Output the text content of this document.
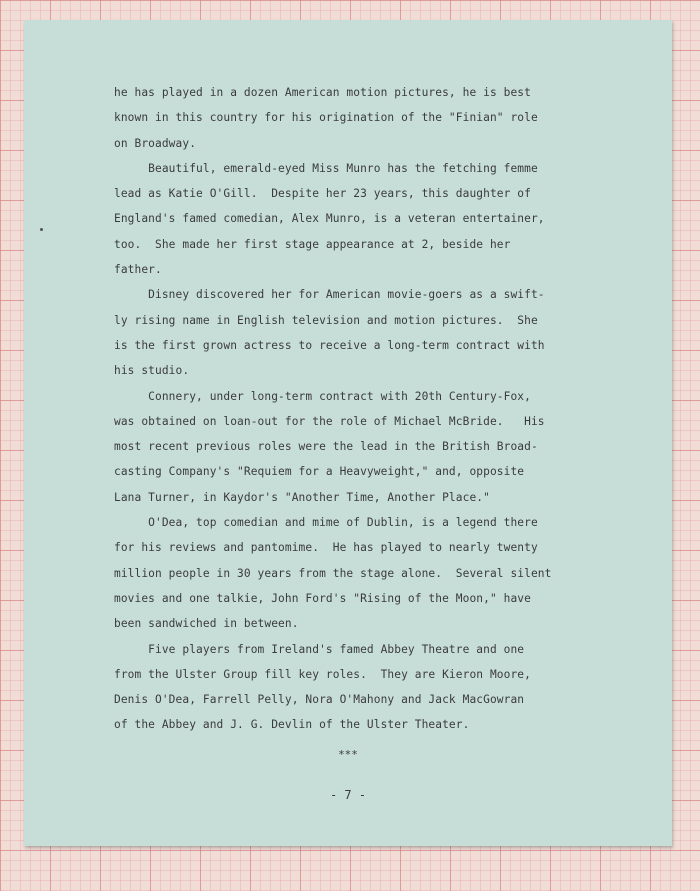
he has played in a dozen American motion pictures, he is best
known in this country for his origination of the "Finian" role
on Broadway.
Beautiful, emerald-eyed Miss Munro has the fetching femme
lead as Katie O'Gill.  Despite her 23 years, this daughter of
England's famed comedian, Alex Munro, is a veteran entertainer,
too.  She made her first stage appearance at 2, beside her
father.
Disney discovered her for American movie-goers as a swift-
ly rising name in English television and motion pictures.  She
is the first grown actress to receive a long-term contract with
his studio.
Connery, under long-term contract with 20th Century-Fox,
was obtained on loan-out for the role of Michael McBride.   His
most recent previous roles were the lead in the British Broad-
casting Company's "Requiem for a Heavyweight," and, opposite
Lana Turner, in Kaydor's "Another Time, Another Place."
O'Dea, top comedian and mime of Dublin, is a legend there
for his reviews and pantomime.  He has played to nearly twenty
million people in 30 years from the stage alone.  Several silent
movies and one talkie, John Ford's "Rising of the Moon," have
been sandwiched in between.
Five players from Ireland's famed Abbey Theatre and one
from the Ulster Group fill key roles.  They are Kieron Moore,
Denis O'Dea, Farrell Pelly, Nora O'Mahony and Jack MacGowran
of the Abbey and J. G. Devlin of the Ulster Theater.
***
- 7 -
